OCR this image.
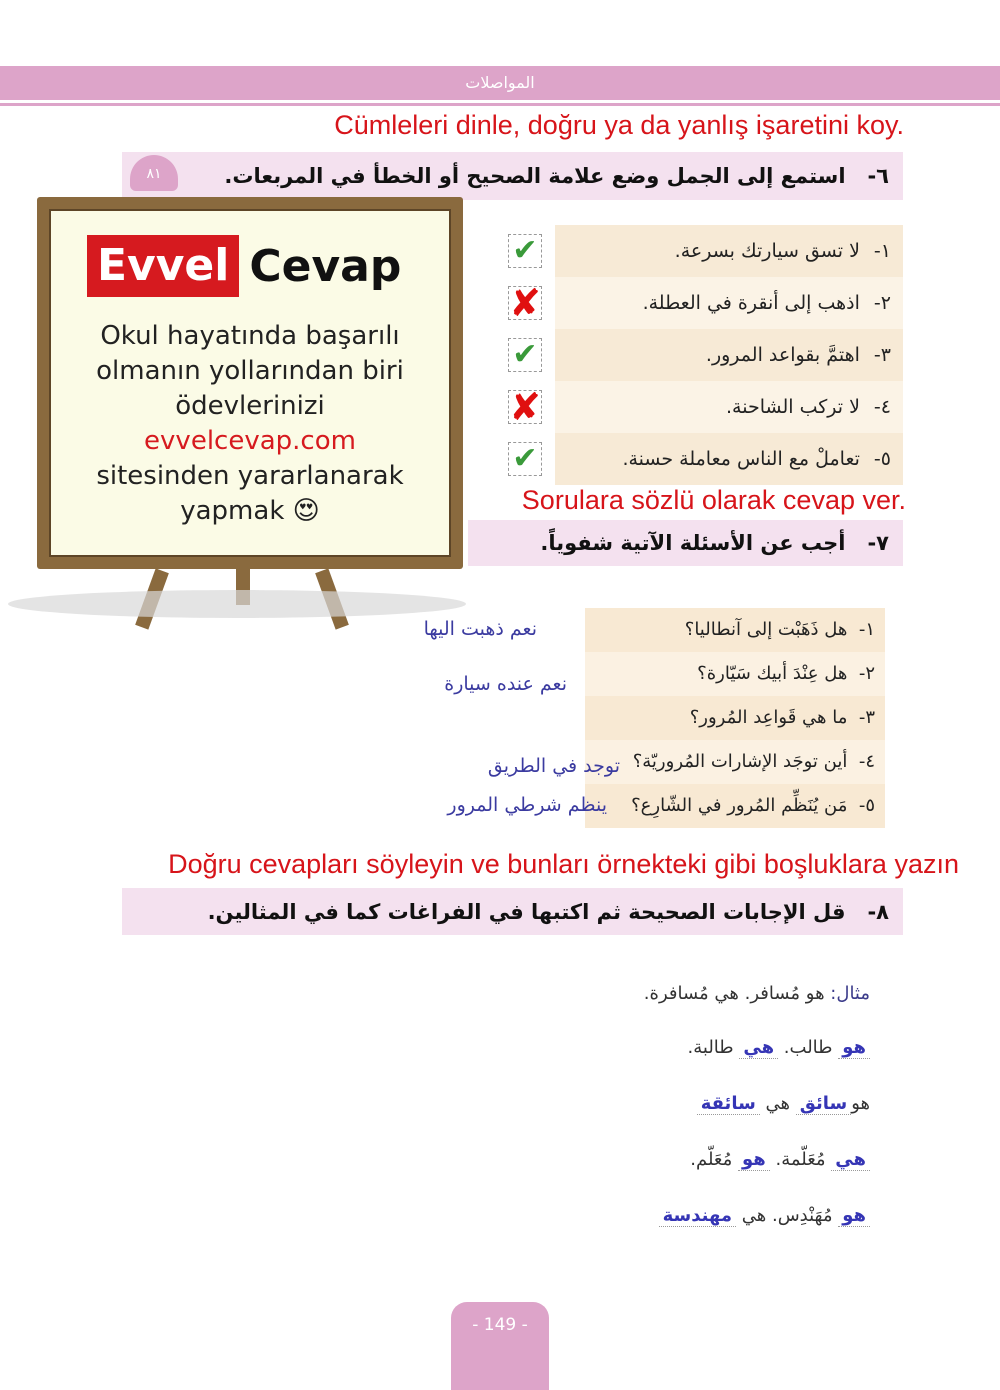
المواصلات
Cümleleri dinle, doğru ya da yanlış işaretini koy.
٦-   استمع إلى الجمل وضع علامة الصحيح أو الخطأ في المربعات.
٨١
١-لا تسق سيارتك بسرعة.
✔
٢-اذهب إلى أنقرة في العطلة.
✘
٣-اهتمَّ بقواعد المرور.
✔
٤-لا تركب الشاحنة.
✘
٥-تعاملْ مع الناس معاملة حسنة.
✔
Evvel Cevap
Okul hayatında başarılı
olmanın yollarından biri
ödevlerinizi
evvelcevap.com
sitesinden yararlanarak
yapmak 😍	Sorulara sözlü olarak cevap ver.
٧-   أجب عن الأسئلة الآتية شفوياً.
١-  هل ذَهَبْت إلى آنطاليا؟
٢-  هل عِنْدَ أبيك سَيّارة؟
٣-  ما هي قَواعِد المُرور؟
٤-  أين توجَد الإشارات المُروريّة؟
٥-  مَن يُنَظِّم المُرور في الشّارِع؟
نعم ذهبت اليها
نعم عنده سيارة
توجد في الطريق
ينظم شرطي المرور
Doğru cevapları söyleyin ve bunları örnekteki gibi boşluklara yazın
٨-   قل الإجابات الصحيحة ثم اكتبها في الفراغات كما في المثالين.
مثال: هو مُسافر. هي مُسافرة.
هو طالب. هي طالبة.
هوسائق هي سائقة
هي مُعَلّمة. هو مُعَلّم.
هو مُهَنْدِس. هي مهندسة
- 149 -
